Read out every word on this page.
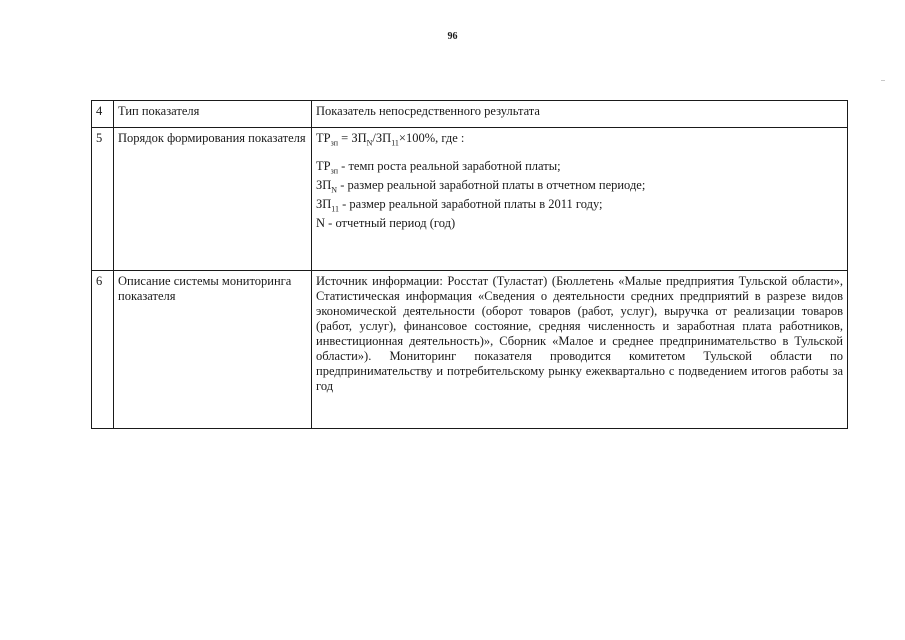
96
4	Тип показателя	Показатель непосредственного результата
5	Порядок формирования показателя	$ТР_{зп} = ЗП_N/ЗП_{11}\times 100\%$, где :

$ТР_{зп}$ - темп роста реальной заработной платы;

$ЗП_N$ - размер реальной заработной платы в отчетном периоде;

$ЗП_{11}$ - размер реальной заработной платы в 2011 году;

N - отчетный период (год)

6	Описание системы мониторинга показателя	Источник информации: Росстат (Туластат) (Бюллетень «Малые предприятия Тульской области», Статистическая информация «Сведения о деятельности средних предприятий в разрезе видов экономической деятельности (оборот товаров (работ, услуг), выручка от реализации товаров (работ, услуг), финансовое состояние, средняя численность и заработная плата работников, инвестиционная деятельность)», Сборник «Малое и среднее предпринимательство в Тульской области»). Мониторинг показателя проводится комитетом Тульской области по предпринимательству и потребительскому рынку ежеквартально с подведением итогов работы за год
